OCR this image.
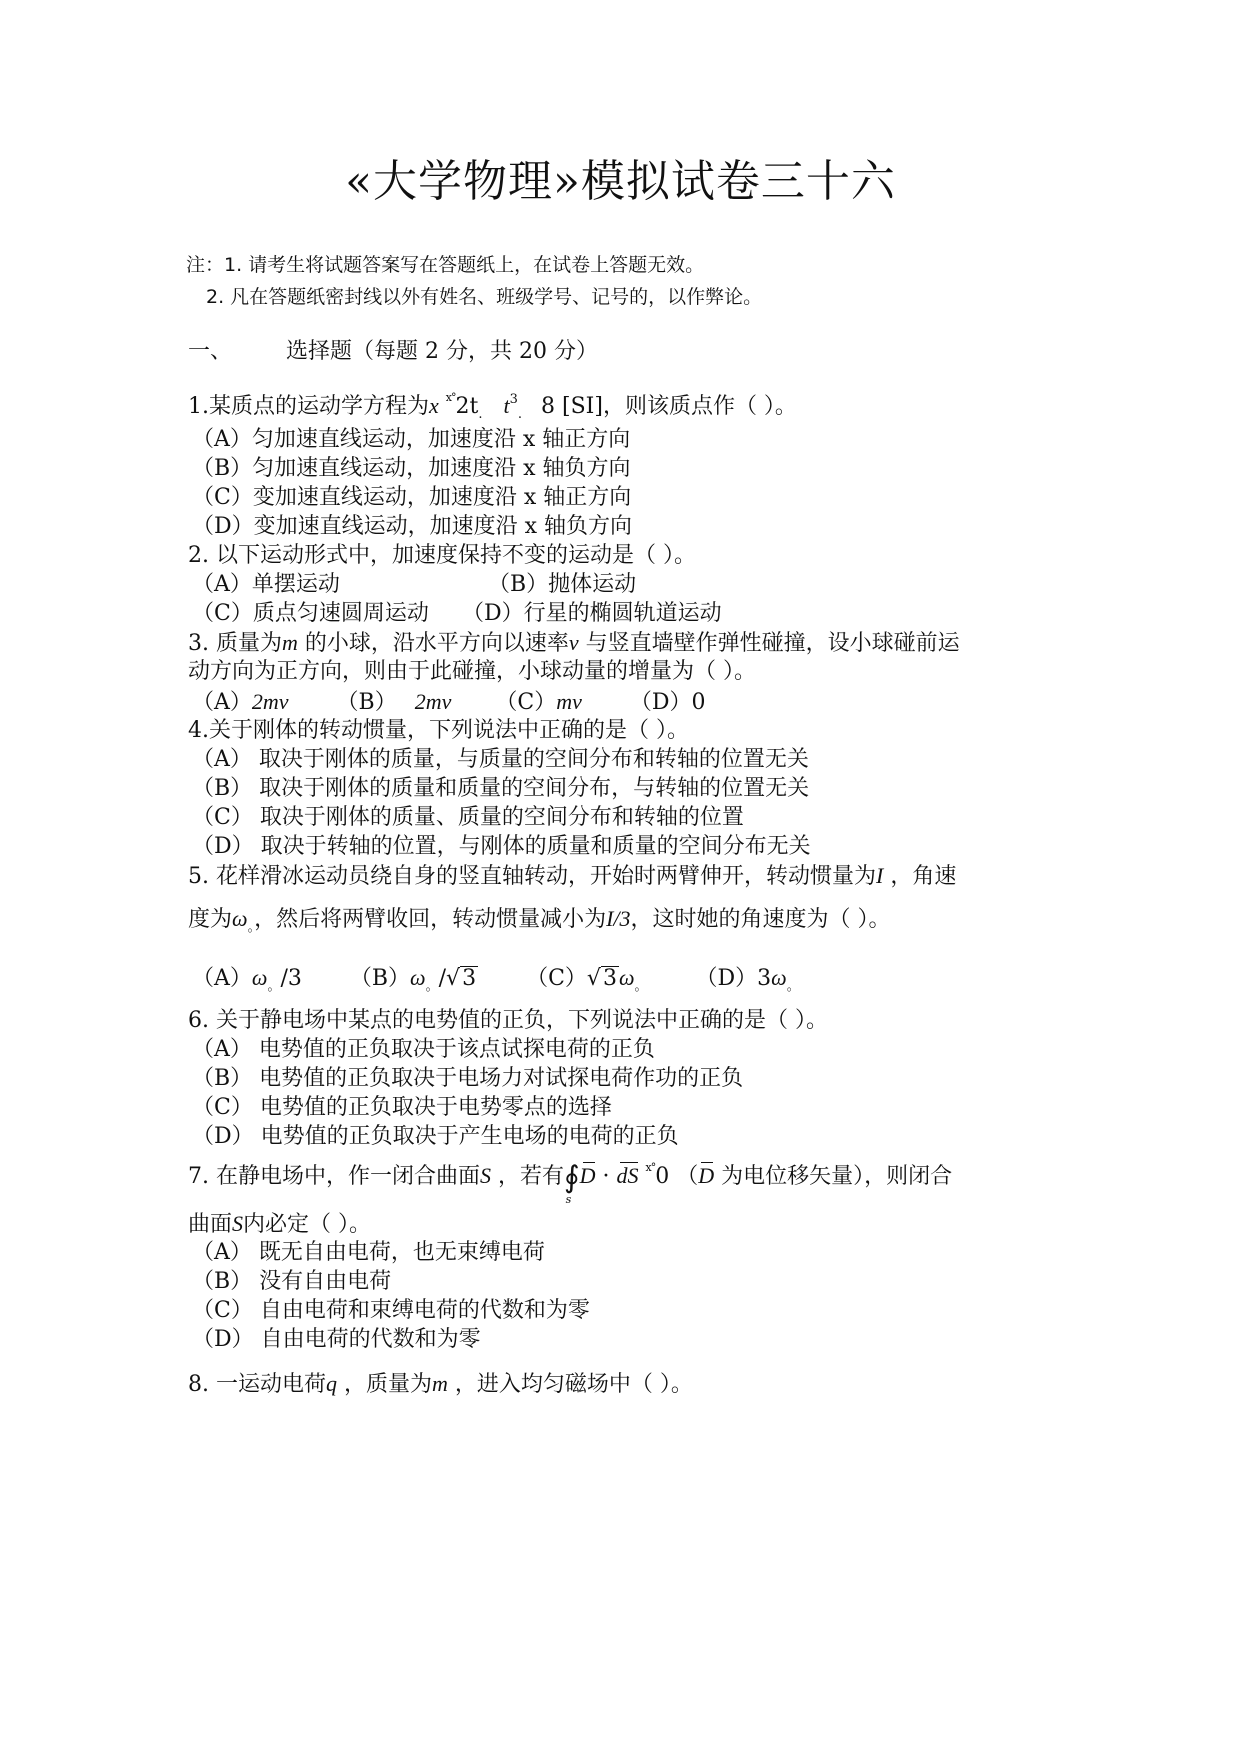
«大学物理»模拟试卷三十六
注：1. 请考生将试题答案写在答题纸上，在试卷上答题无效。
2. 凡在答题纸密封线以外有姓名、班级学号、记号的，以作弊论。
一、 选择题（每题 2 分，共 20 分）
1.某质点的运动学方程为x $^{x^\circ}2t_.$ $t^3_.$ 8 [SI]，则该质点作（ ）。
（A）匀加速直线运动，加速度沿 x 轴正方向
（B）匀加速直线运动，加速度沿 x 轴负方向
（C）变加速直线运动，加速度沿 x 轴正方向
（D）变加速直线运动，加速度沿 x 轴负方向
2. 以下运动形式中，加速度保持不变的运动是（ ）。
（A）单摆运动	（B）抛体运动
（C）质点匀速圆周运动 （D）行星的椭圆轨道运动
3. 质量为m 的小球，沿水平方向以速率v 与竖直墙壁作弹性碰撞，设小球碰前运
动方向为正方向，则由于此碰撞，小球动量的增量为（ ）。
（A）2mv （B） 2mv （C）mv （D）0
4.关于刚体的转动惯量，下列说法中正确的是（ ）。
（A） 取决于刚体的质量，与质量的空间分布和转轴的位置无关
（B） 取决于刚体的质量和质量的空间分布，与转轴的位置无关
（C） 取决于刚体的质量、质量的空间分布和转轴的位置
（D） 取决于转轴的位置，与刚体的质量和质量的空间分布无关
5. 花样滑冰运动员绕自身的竖直轴转动，开始时两臂伸开，转动惯量为I ，角速
度为$\omega_。$，然后将两臂收回，转动惯量减小为I/3，这时她的角速度为（ ）。
$(A)\omega_。/3$ $(B)\omega_。/√3$ $(C)√3\omega_。$ $(D)3\omega_。$
6. 关于静电场中某点的电势值的正负，下列说法中正确的是（ ）。
（A） 电势值的正负取决于该点试探电荷的正负
（B） 电势值的正负取决于电场力对试探电荷作功的正负
（C） 电势值的正负取决于电势零点的选择
（D） 电势值的正负取决于产生电场的电荷的正负
7. 在静电场中，作一闭合曲面S ，若有∮
s
D · dS $^{x^\circ}$0 （D 为电位移矢量），则闭合
曲面S内必定（ ）。
（A） 既无自由电荷，也无束缚电荷
（B） 没有自由电荷
（C） 自由电荷和束缚电荷的代数和为零
（D） 自由电荷的代数和为零
8. 一运动电荷q ，质量为m ，进入均匀磁场中（ ）。
